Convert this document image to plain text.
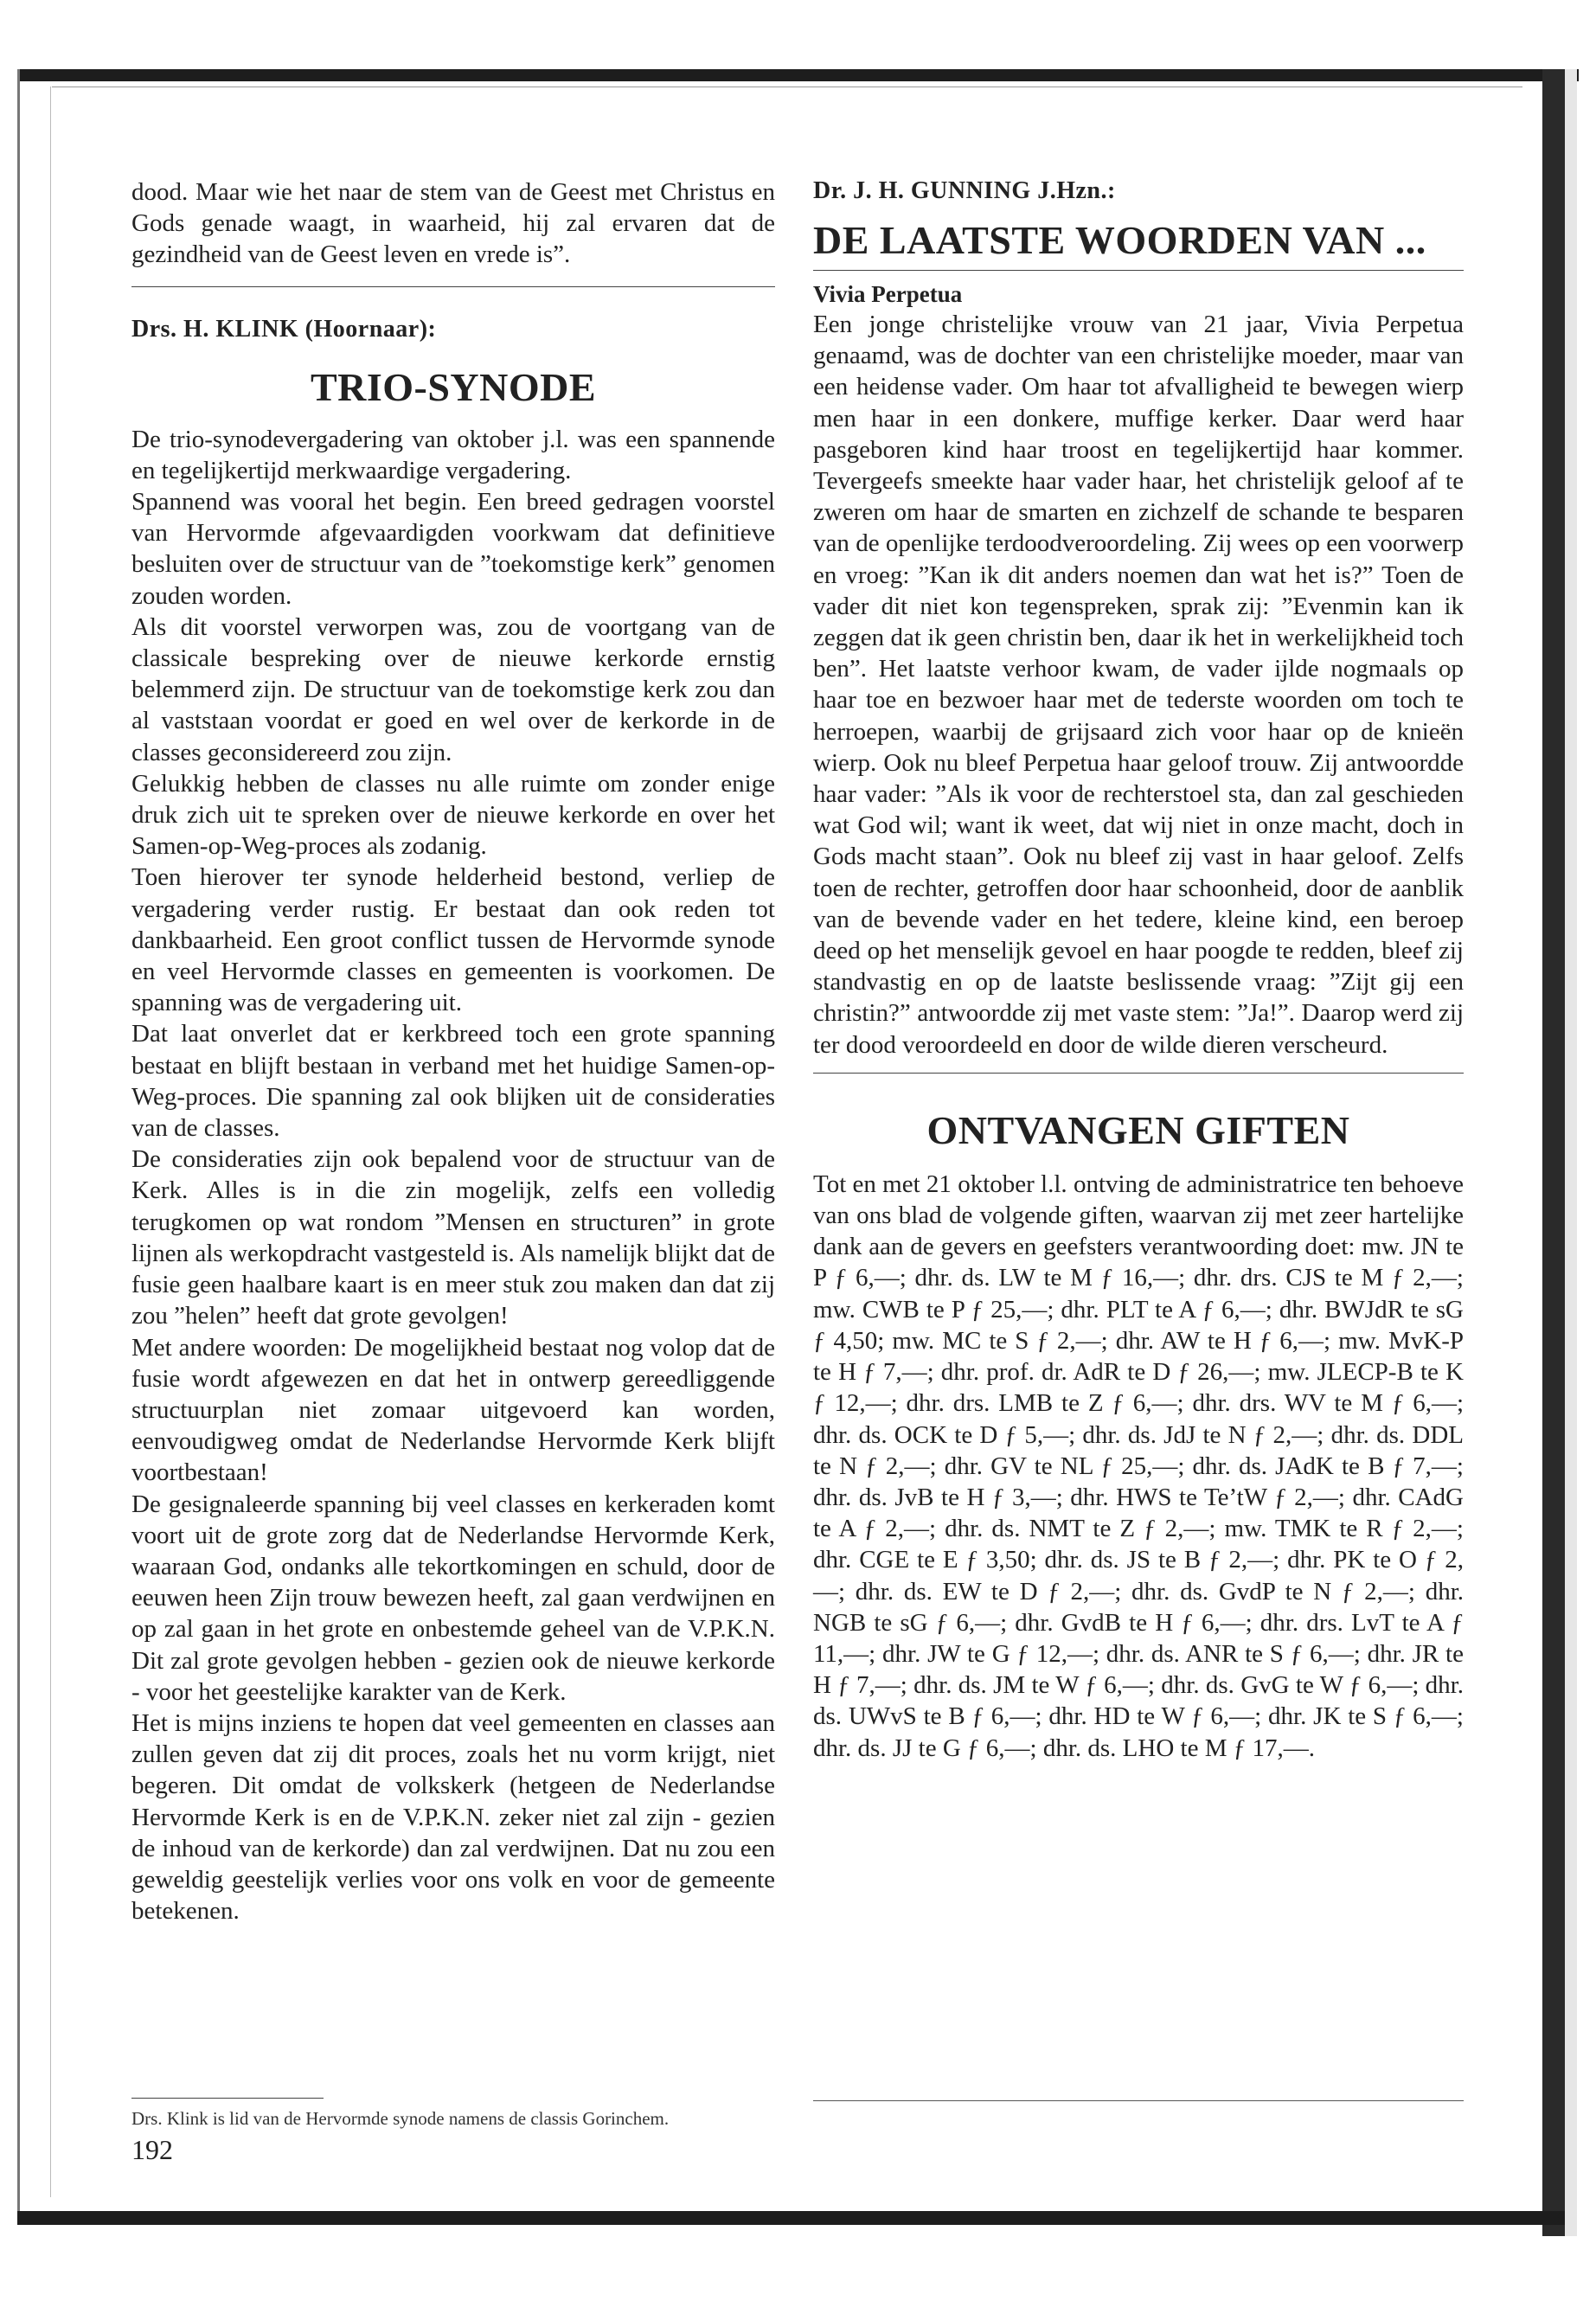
dood. Maar wie het naar de stem van de Geest met Christus en Gods genade waagt, in waarheid, hij zal ervaren dat de gezindheid van de Geest leven en vrede is”.

Drs. H. KLINK (Hoornaar):

TRIO-SYNODE

De trio-synodevergadering van oktober j.l. was een spannende en tegelijkertijd merkwaardige vergadering.

Spannend was vooral het begin. Een breed gedragen voorstel van Hervormde afgevaardigden voorkwam dat definitieve besluiten over de structuur van de ”toekomstige kerk” genomen zouden worden.

Als dit voorstel verworpen was, zou de voortgang van de classicale bespreking over de nieuwe kerkorde ernstig belemmerd zijn. De structuur van de toekomstige kerk zou dan al vaststaan voordat er goed en wel over de kerkorde in de classes geconsidereerd zou zijn.

Gelukkig hebben de classes nu alle ruimte om zonder enige druk zich uit te spreken over de nieuwe kerkorde en over het Samen-op-Weg-proces als zodanig.

Toen hierover ter synode helderheid bestond, verliep de vergadering verder rustig. Er bestaat dan ook reden tot dankbaarheid. Een groot conflict tussen de Hervormde synode en veel Hervormde classes en gemeenten is voorkomen. De spanning was de vergadering uit.

Dat laat onverlet dat er kerkbreed toch een grote spanning bestaat en blijft bestaan in verband met het huidige Samen-op-Weg-proces. Die spanning zal ook blijken uit de consideraties van de classes.

De consideraties zijn ook bepalend voor de structuur van de Kerk. Alles is in die zin mogelijk, zelfs een volledig terugkomen op wat rondom ”Mensen en structuren” in grote lijnen als werkopdracht vastgesteld is. Als namelijk blijkt dat de fusie geen haalbare kaart is en meer stuk zou maken dan dat zij zou ”helen” heeft dat grote gevolgen!

Met andere woorden: De mogelijkheid bestaat nog volop dat de fusie wordt afgewezen en dat het in ontwerp gereedliggende structuurplan niet zomaar uitgevoerd kan worden, eenvoudigweg omdat de Nederlandse Hervormde Kerk blijft voortbestaan!

De gesignaleerde spanning bij veel classes en kerkeraden komt voort uit de grote zorg dat de Nederlandse Hervormde Kerk, waaraan God, ondanks alle tekortkomingen en schuld, door de eeuwen heen Zijn trouw bewezen heeft, zal gaan verdwijnen en op zal gaan in het grote en onbestemde geheel van de V.P.K.N. Dit zal grote gevolgen hebben - gezien ook de nieuwe kerkorde - voor het geestelijke karakter van de Kerk.

Het is mijns inziens te hopen dat veel gemeenten en classes aan zullen geven dat zij dit proces, zoals het nu vorm krijgt, niet begeren. Dit omdat de volkskerk (hetgeen de Nederlandse Hervormde Kerk is en de V.P.K.N. zeker niet zal zijn - gezien de inhoud van de kerkorde) dan zal verdwijnen. Dat nu zou een geweldig geestelijk verlies voor ons volk en voor de gemeente betekenen.

Drs. Klink is lid van de Hervormde synode namens de classis Gorinchem.
192

Dr. J. H. GUNNING J.Hzn.:

DE LAATSTE WOORDEN VAN ...

Vivia Perpetua

Een jonge christelijke vrouw van 21 jaar, Vivia Perpetua genaamd, was de dochter van een christelijke moeder, maar van een heidense vader. Om haar tot afvalligheid te bewegen wierp men haar in een donkere, muffige kerker. Daar werd haar pasgeboren kind haar troost en tegelijkertijd haar kommer. Tevergeefs smeekte haar vader haar, het christelijk geloof af te zweren om haar de smarten en zichzelf de schande te besparen van de openlijke terdoodveroordeling. Zij wees op een voorwerp en vroeg: ”Kan ik dit anders noemen dan wat het is?” Toen de vader dit niet kon tegenspreken, sprak zij: ”Evenmin kan ik zeggen dat ik geen christin ben, daar ik het in werkelijkheid toch ben”. Het laatste verhoor kwam, de vader ijlde nogmaals op haar toe en bezwoer haar met de tederste woorden om toch te herroepen, waarbij de grijsaard zich voor haar op de knieën wierp. Ook nu bleef Perpetua haar geloof trouw. Zij antwoordde haar vader: ”Als ik voor de rechterstoel sta, dan zal geschieden wat God wil; want ik weet, dat wij niet in onze macht, doch in Gods macht staan”. Ook nu bleef zij vast in haar geloof. Zelfs toen de rechter, getroffen door haar schoonheid, door de aanblik van de bevende vader en het tedere, kleine kind, een beroep deed op het menselijk gevoel en haar poogde te redden, bleef zij standvastig en op de laatste beslissende vraag: ”Zijt gij een christin?” antwoordde zij met vaste stem: ”Ja!”. Daarop werd zij ter dood veroordeeld en door de wilde dieren verscheurd.

ONTVANGEN GIFTEN

Tot en met 21 oktober l.l. ontving de administratrice ten behoeve van ons blad de volgende giften, waarvan zij met zeer hartelijke dank aan de gevers en geefsters verantwoording doet: mw. JN te P ƒ 6,—; dhr. ds. LW te M ƒ 16,—; dhr. drs. CJS te M ƒ 2,—; mw. CWB te P ƒ 25,—; dhr. PLT te A ƒ 6,—; dhr. BWJdR te sG ƒ 4,50; mw. MC te S ƒ 2,—; dhr. AW te H ƒ 6,—; mw. MvK-P te H ƒ 7,—; dhr. prof. dr. AdR te D ƒ 26,—; mw. JLECP-B te K ƒ 12,—; dhr. drs. LMB te Z ƒ 6,—; dhr. drs. WV te M ƒ 6,—; dhr. ds. OCK te D ƒ 5,—; dhr. ds. JdJ te N ƒ 2,—; dhr. ds. DDL te N ƒ 2,—; dhr. GV te NL ƒ 25,—; dhr. ds. JAdK te B ƒ 7,—; dhr. ds. JvB te H ƒ 3,—; dhr. HWS te Te’tW ƒ 2,—; dhr. CAdG te A ƒ 2,—; dhr. ds. NMT te Z ƒ 2,—; mw. TMK te R ƒ 2,—; dhr. CGE te E ƒ 3,50; dhr. ds. JS te B ƒ 2,—; dhr. PK te O ƒ 2,—; dhr. ds. EW te D ƒ 2,—; dhr. ds. GvdP te N ƒ 2,—; dhr. NGB te sG ƒ 6,—; dhr. GvdB te H ƒ 6,—; dhr. drs. LvT te A ƒ 11,—; dhr. JW te G ƒ 12,—; dhr. ds. ANR te S ƒ 6,—; dhr. JR te H ƒ 7,—; dhr. ds. JM te W ƒ 6,—; dhr. ds. GvG te W ƒ 6,—; dhr. ds. UWvS te B ƒ 6,—; dhr. HD te W ƒ 6,—; dhr. JK te S ƒ 6,—; dhr. ds. JJ te G ƒ 6,—; dhr. ds. LHO te M ƒ 17,—.
